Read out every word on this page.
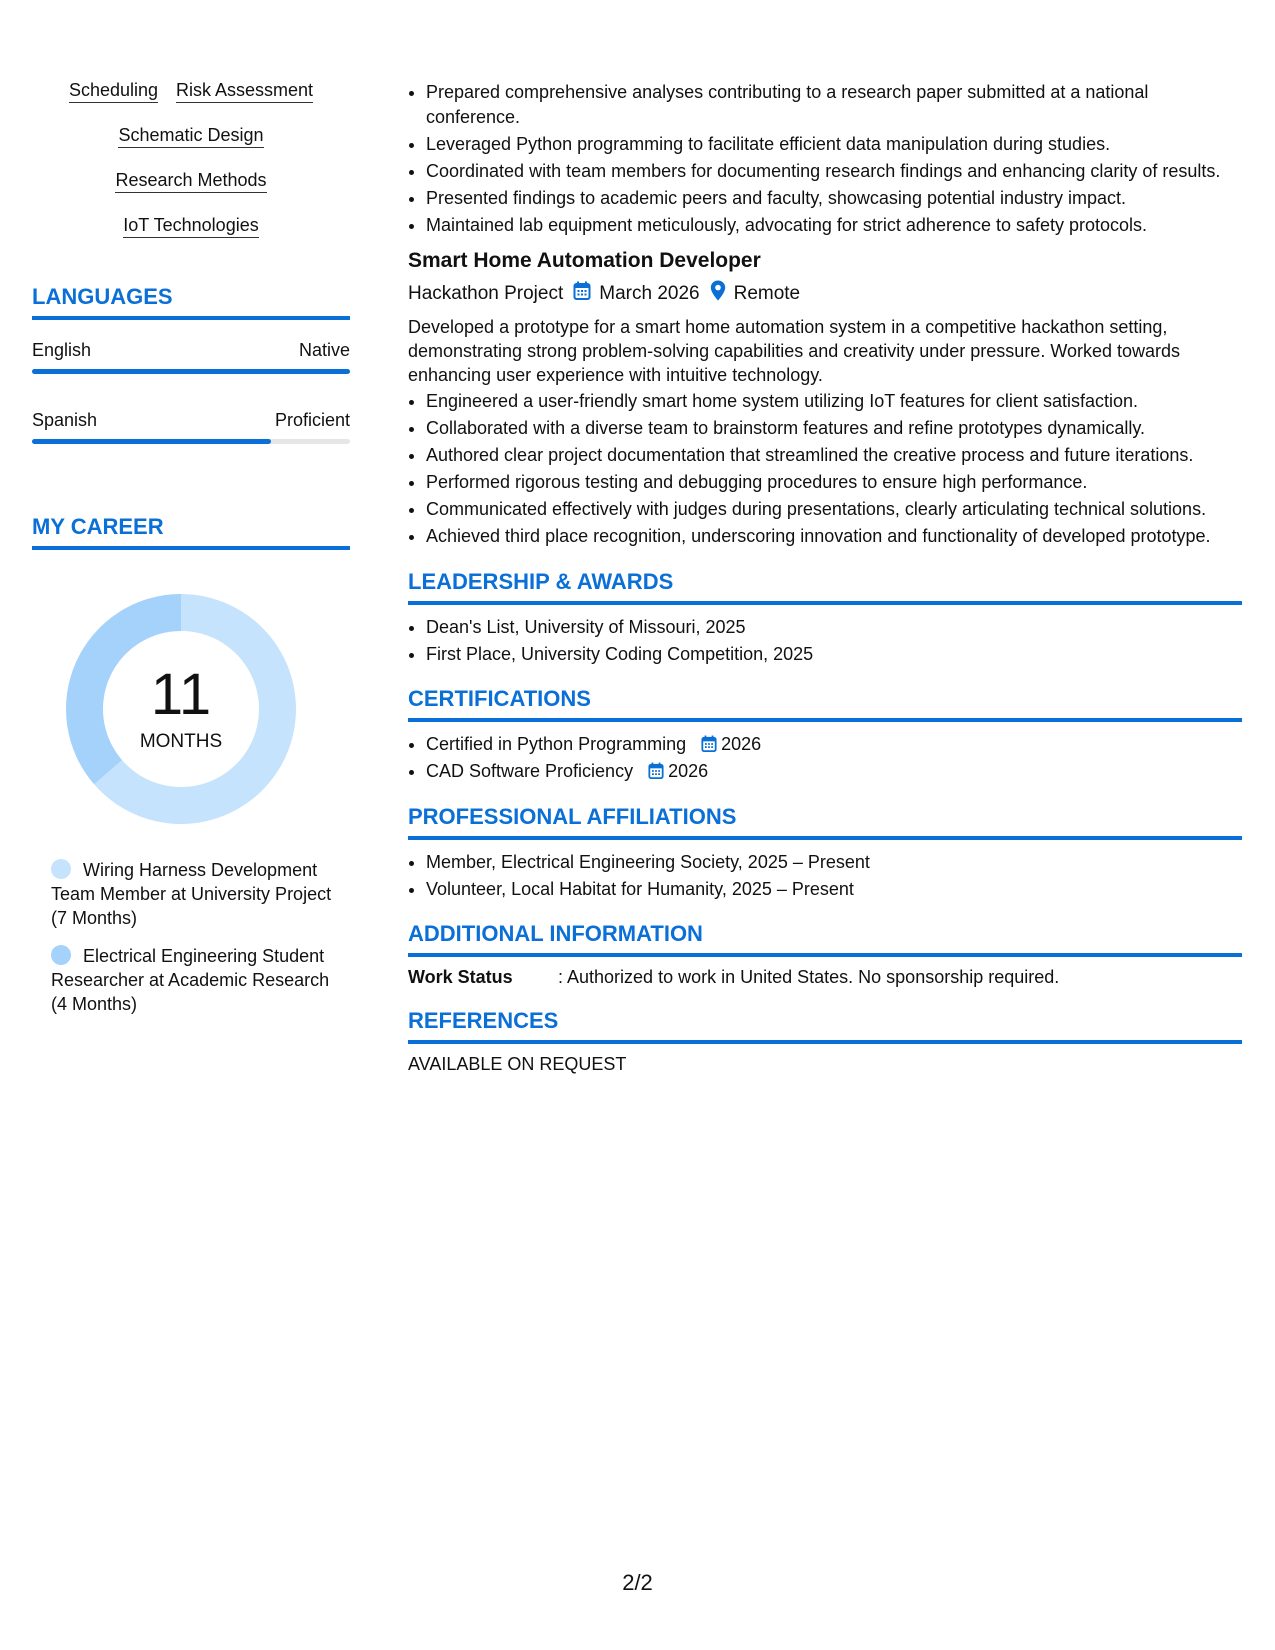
Scheduling Risk Assessment
Schematic Design
Research Methods
IoT Technologies
LANGUAGES
English	Native
Spanish	Proficient
MY CAREER
11
MONTHS
Wiring Harness Development Team Member at University Project (7 Months)
Electrical Engineering Student Researcher at Academic Research (4 Months)
• Prepared comprehensive analyses contributing to a research paper submitted at a national conference.
• Leveraged Python programming to facilitate efficient data manipulation during studies.
• Coordinated with team members for documenting research findings and enhancing clarity of results.
• Presented findings to academic peers and faculty, showcasing potential industry impact.
• Maintained lab equipment meticulously, advocating for strict adherence to safety protocols.
Smart Home Automation Developer
Hackathon Project March 2026 Remote
Developed a prototype for a smart home automation system in a competitive hackathon setting, demonstrating strong problem-solving capabilities and creativity under pressure. Worked towards enhancing user experience with intuitive technology.
• Engineered a user-friendly smart home system utilizing IoT features for client satisfaction.
• Collaborated with a diverse team to brainstorm features and refine prototypes dynamically.
• Authored clear project documentation that streamlined the creative process and future iterations.
• Performed rigorous testing and debugging procedures to ensure high performance.
• Communicated effectively with judges during presentations, clearly articulating technical solutions.
• Achieved third place recognition, underscoring innovation and functionality of developed prototype.
LEADERSHIP & AWARDS
• Dean's List, University of Missouri, 2025
• First Place, University Coding Competition, 2025
CERTIFICATIONS
• Certified in Python Programming 2026
• CAD Software Proficiency 2026
PROFESSIONAL AFFILIATIONS
• Member, Electrical Engineering Society, 2025 – Present
• Volunteer, Local Habitat for Humanity, 2025 – Present
ADDITIONAL INFORMATION
Work Status	: Authorized to work in United States. No sponsorship required.
REFERENCES
AVAILABLE ON REQUEST
2/2
